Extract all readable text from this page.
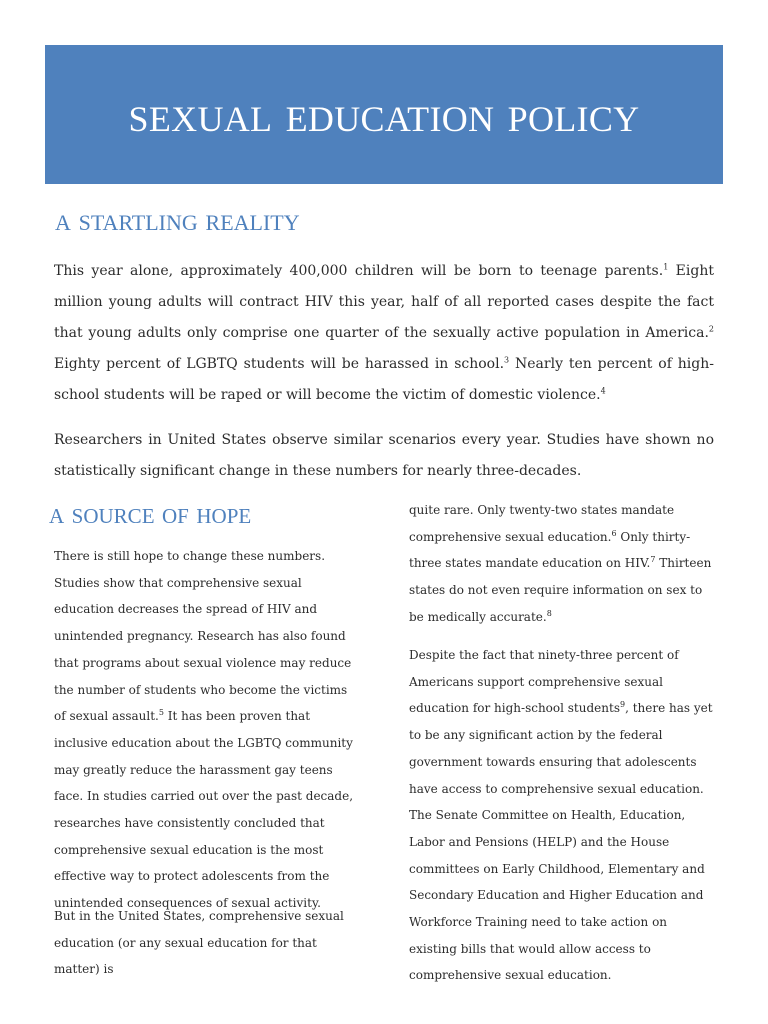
sexual education policy
a startling reality

This year alone, approximately 400,000 children will be born to teenage parents.$^1$ Eight million young adults will contract HIV this year, half of all reported cases despite the fact that young adults only comprise one quarter of the sexually active population in America.$^2$ Eighty percent of LGBTQ students will be harassed in school.$^3$ Nearly ten percent of high-school students will be raped or will become the victim of domestic violence.$^4$

Researchers in United States observe similar scenarios every year. Studies have shown no statistically significant change in these numbers for nearly three-decades.

a source of hope

There is still hope to change these numbers. Studies show that comprehensive sexual education decreases the spread of HIV and unintended pregnancy. Research has also found that programs about sexual violence may reduce the number of students who become the victims of sexual assault.$^5$ It has been proven that inclusive education about the LGBTQ community may greatly reduce the harassment gay teens face. In studies carried out over the past decade, researches have consistently concluded that comprehensive sexual education is the most effective way to protect adolescents from the unintended consequences of sexual activity.

But in the United States, comprehensive sexual education (or any sexual education for that matter) is

quite rare. Only twenty-two states mandate comprehensive sexual education.$^6$ Only thirty-three states mandate education on HIV.$^7$ Thirteen states do not even require information on sex to be medically accurate.$^8$

Despite the fact that ninety-three percent of Americans support comprehensive sexual education for high-school students$^9$, there has yet to be any significant action by the federal government towards ensuring that adolescents have access to comprehensive sexual education. The Senate Committee on Health, Education, Labor and Pensions (HELP) and the House committees on Early Childhood, Elementary and Secondary Education and Higher Education and Workforce Training need to take action on existing bills that would allow access to comprehensive sexual education.
